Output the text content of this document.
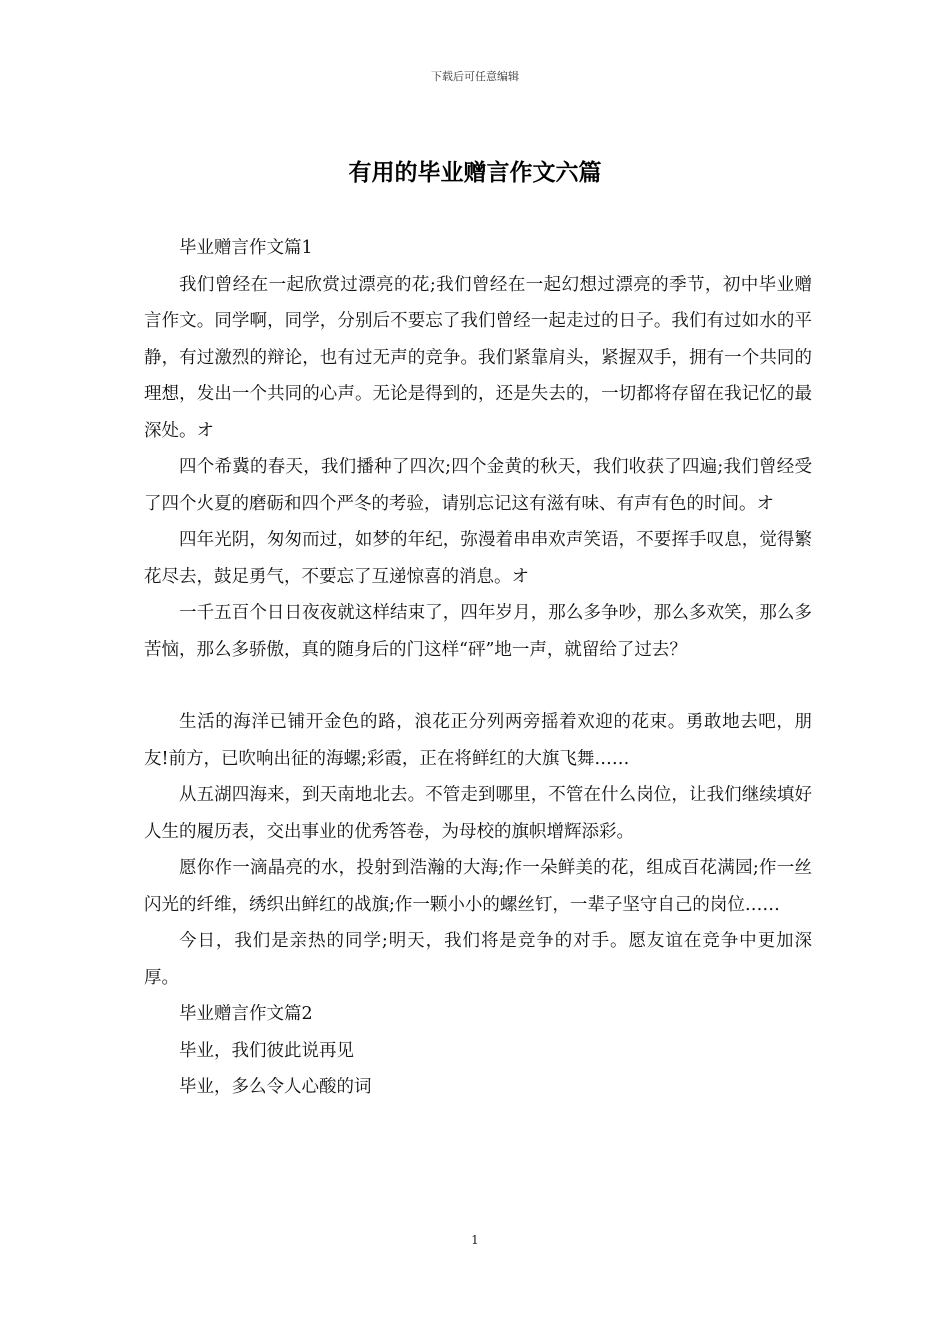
下载后可任意编辑
有用的毕业赠言作文六篇

毕业赠言作文篇1

我们曾经在一起欣赏过漂亮的花;我们曾经在一起幻想过漂亮的季节，初中毕业赠言作文。同学啊，同学，分别后不要忘了我们曾经一起走过的日子。我们有过如水的平静，有过激烈的辩论，也有过无声的竞争。我们紧靠肩头，紧握双手，拥有一个共同的理想，发出一个共同的心声。无论是得到的，还是失去的，一切都将存留在我记忆的最深处。オ

四个希冀的春天，我们播种了四次;四个金黄的秋天，我们收获了四遍;我们曾经受了四个火夏的磨砺和四个严冬的考验，请别忘记这有滋有味、有声有色的时间。オ

四年光阴，匆匆而过，如梦的年纪，弥漫着串串欢声笑语，不要挥手叹息，觉得繁花尽去，鼓足勇气，不要忘了互递惊喜的消息。オ

一千五百个日日夜夜就这样结束了，四年岁月，那么多争吵，那么多欢笑，那么多苦恼，那么多骄傲，真的随身后的门这样“砰”地一声，就留给了过去？

生活的海洋已铺开金色的路，浪花正分列两旁摇着欢迎的花束。勇敢地去吧，朋友!前方，已吹响出征的海螺;彩霞，正在将鲜红的大旗飞舞……

从五湖四海来，到天南地北去。不管走到哪里，不管在什么岗位，让我们继续填好人生的履历表，交出事业的优秀答卷，为母校的旗帜增辉添彩。

愿你作一滴晶亮的水，投射到浩瀚的大海;作一朵鲜美的花，组成百花满园;作一丝闪光的纤维，绣织出鲜红的战旗;作一颗小小的螺丝钉，一辈子坚守自己的岗位……

今日，我们是亲热的同学;明天，我们将是竞争的对手。愿友谊在竞争中更加深厚。

毕业赠言作文篇2

毕业，我们彼此说再见

毕业，多么令人心酸的词

1
